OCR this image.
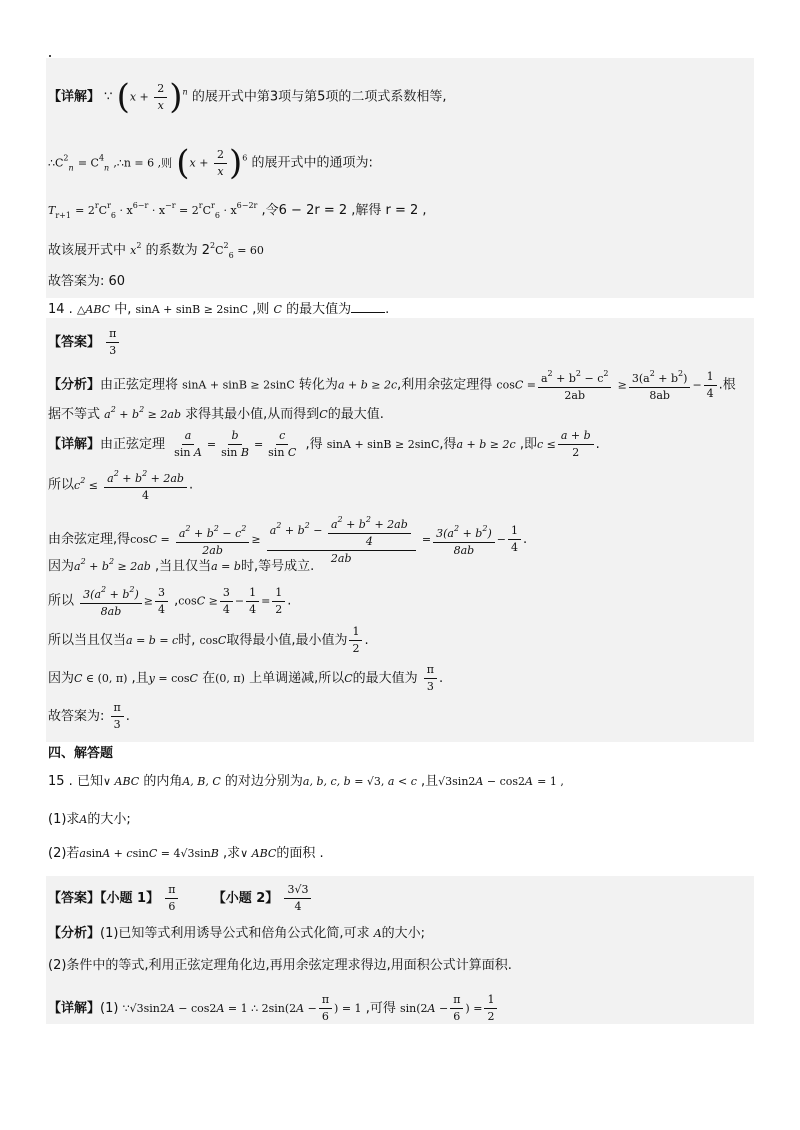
【详解】 ∵ $(x + \frac{2}{x} )^n$ 的展开式中第3项与第5项的二项式系数相等,
$\therefore C^2_n = C^4_n$ ,∴n = 6 ,则 $(x + \frac{2}{x} )^6$ 的展开式中的通项为:
$T_{r+1} = 2^rC^r_6 \cdot x^{6-r} \cdot x^{-r} = 2^rC^r_6 \cdot x^{6-2r}$ ,令6 − 2r = 2 ,解得 r = 2 ,
故该展开式中 $x^2$ 的系数为 $2^2C^2_6 = 60$
故答案为: 60
14 . △ABC 中, sinA + sinB ≥ 2sinC ,则 C 的最大值为	.
【答案】 $\frac{\pi}{3}$
【分析】由正弦定理将 sinA + sinB ≥ 2sinC 转化为a + b ≥ 2c,利用余弦定理得 $\cos C = \frac{a^2 + b^2 - c^2}{2ab} \ge \frac{3(a^2 + b^2)}{8ab} - \frac{1}{4}$ .根
据不等式 $a^2 + b^2 \ge 2ab$ 求得其最小值,从而得到C的最大值.
【详解】由正弦定理 $\frac{a}{\text{sin A}} = \frac{b}{\text{sin B}} = \frac{c}{\text{sin C}}$ ,得 sinA + sinB ≥ 2sinC,得a + b ≥ 2c ,即$c \le \frac{a + b}{2}$ .
所以$c^2 \le \frac{a^2 + b^2 + 2ab}{4}$ .
由余弦定理,得$\cos C = \frac{a^2 + b^2 - c^2}{2ab} \ge \frac{a^2 + b^2 - \frac{a^2 + b^2 + 2ab}{4}}{2ab} = \frac{3(a^2 + b^2)}{8ab} - \frac{1}{4}$ .
因为$a^2 + b^2 \ge 2ab$ ,当且仅当a = b时,等号成立.
所以 $\frac{3(a^2 + b^2)}{8ab} \ge \frac{3}{4} ,\cos C \ge \frac{3}{4} - \frac{1}{4} = \frac{1}{2}$ .
所以当且仅当a = b = c时, cosC取得最小值,最小值为 $\frac{1}{2}$ .
因为C ∈ (0, π) ,且y = cosC 在(0, π) 上单调递减,所以C的最大值为 $\frac{\pi}{3}$ .
故答案为: $\frac{\pi}{3}$ .
四、解答题
15 . 已知∨ ABC 的内角A, B, C 的对边分别为a, b, c, b = √3, a < c ,且√3sin2A − cos2A = 1 ,
(1)求A的大小;
(2)若asinA + csinC = 4√3sinB ,求∨ ABC的面积 .
【答案】【小题 1】 $\frac{\pi}{6}$	【小题 2】 $\frac{3√3}{4}$
【分析】(1)已知等式利用诱导公式和倍角公式化简,可求 A的大小;
(2)条件中的等式,利用正弦定理角化边,再用余弦定理求得边,用面积公式计算面积.
【详解】(1) ∵√3sin2A − cos2A = 1 ∴ $2\sin(2A - \frac{\pi}{6}$ ) = 1 ,可得 $\sin(2A - \frac{\pi}{6}$ ) = $\frac{1}{2}$
